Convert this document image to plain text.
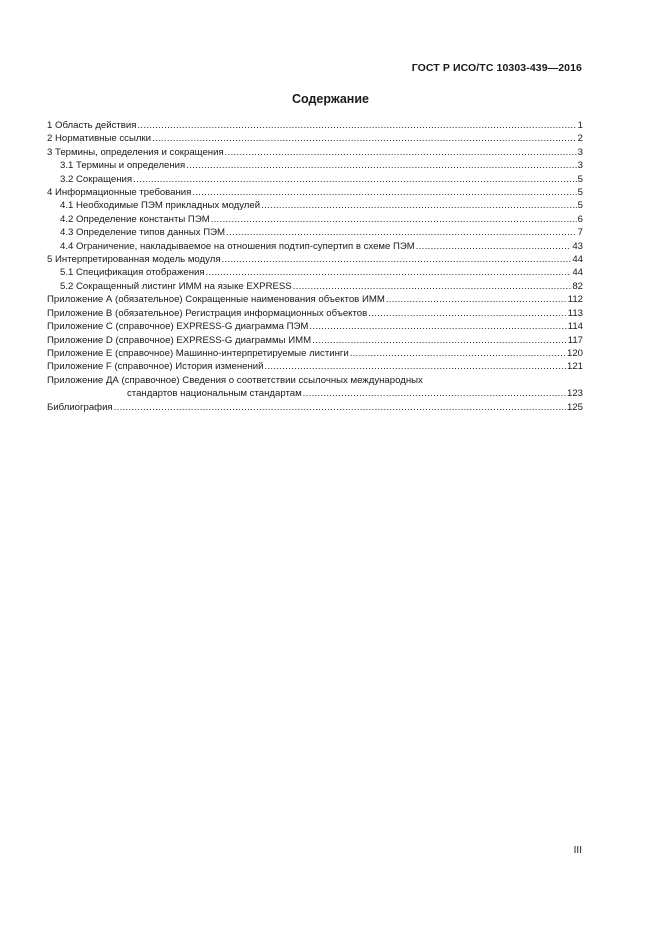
ГОСТ Р ИСО/ТС 10303-439—2016
Содержание
1 Область действия .....	1
2 Нормативные ссылки .....	2
3 Термины, определения и сокращения .....	3
3.1 Термины и определения .....	3
3.2 Сокращения .....	5
4 Информационные требования .....	5
4.1 Необходимые ПЭМ прикладных модулей .....	5
4.2 Определение константы ПЭМ .....	6
4.3 Определение типов данных ПЭМ .....	7
4.4 Ограничение, накладываемое на отношения подтип-супертип в схеме ПЭМ .....	43
5 Интерпретированная модель модуля .....	44
5.1 Спецификация отображения .....	44
5.2 Сокращенный листинг ИММ на языке EXPRESS .....	82
Приложение А (обязательное) Сокращенные наименования объектов ИММ .....	112
Приложение В (обязательное) Регистрация информационных объектов .....	113
Приложение С (справочное) EXPRESS-G диаграмма ПЭМ .....	114
Приложение D (справочное) EXPRESS-G диаграммы ИММ .....	117
Приложение Е (справочное) Машинно-интерпретируемые листинги .....	120
Приложение F (справочное) История изменений .....	121
Приложение ДА (справочное) Сведения о соответствии ссылочных международных
стандартов национальным стандартам .....	123
Библиография .....	125
III
